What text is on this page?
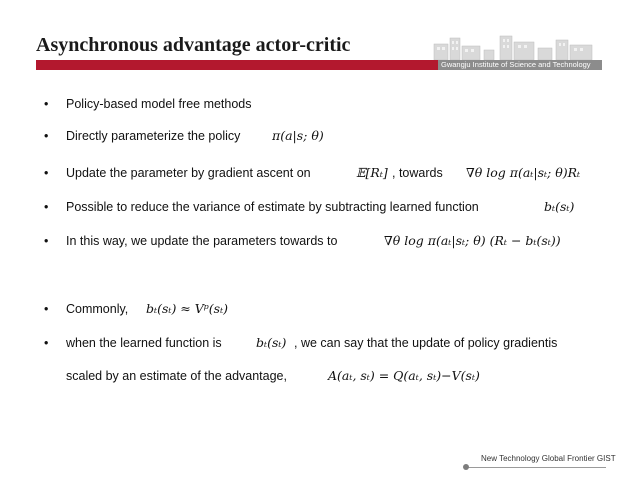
Asynchronous advantage actor-critic
Gwangju Institute of Science and Technology
• Policy-based model free methods
• Directly parameterize the policy	π(a|s; θ)
• Update the parameter by gradient ascent on	𝔼[Rₜ] , towards ∇θ log π(aₜ|sₜ; θ)Rₜ
• Possible to reduce the variance of estimate by subtracting learned function	bₜ(sₜ)
• In this way, we update the parameters towards to	∇θ log π(aₜ|sₜ; θ) (Rₜ − bₜ(sₜ))
• Commonly, bₜ(sₜ) ≈ Vᵖ(sₜ)
• when the learned function is	bₜ(sₜ) , we can say that the update of policy gradientis
scaled by an estimate of the advantage,	A(aₜ, sₜ) = Q(aₜ, sₜ)−V(sₜ)
New Technology Global Frontier GIST
